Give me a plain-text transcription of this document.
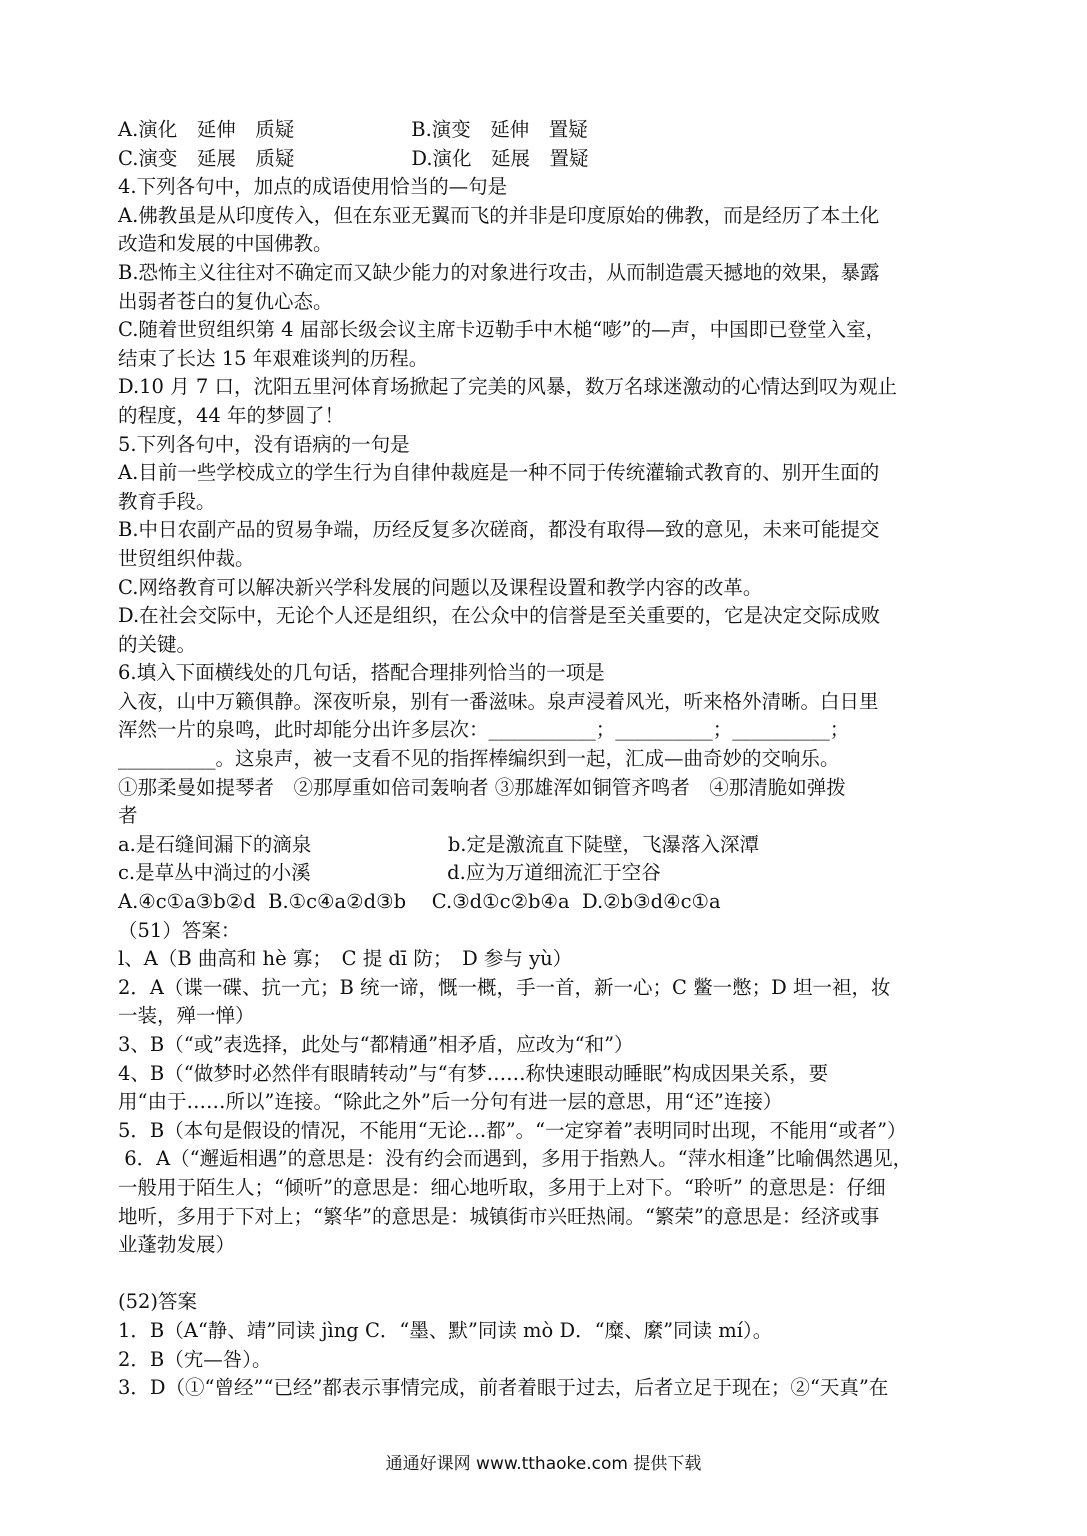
A.演化　延伸　质疑　　　　　　B.演变　延伸　置疑
C.演变　延展　质疑　　　　　　D.演化　延展　置疑
4.下列各句中，加点的成语使用恰当的—句是
A.佛教虽是从印度传入，但在东亚无翼而飞的并非是印度原始的佛教，而是经历了本土化
改造和发展的中国佛教。
B.恐怖主义往往对不确定而又缺少能力的对象进行攻击，从而制造震天撼地的效果，暴露
出弱者苍白的复仇心态。
C.随着世贸组织第 4 届部长级会议主席卡迈勒手中木槌“嘭”的—声，中国即已登堂入室，
结束了长达 15 年艰难谈判的历程。
D.10 月 7 口，沈阳五里河体育场掀起了完美的风暴，数万名球迷激动的心情达到叹为观止
的程度，44 年的梦圆了！
5.下列各句中，没有语病的一句是
A.目前一些学校成立的学生行为自律仲裁庭是一种不同于传统灌输式教育的、别开生面的
教育手段。
B.中日农副产品的贸易争端，历经反复多次磋商，都没有取得—致的意见，未来可能提交
世贸组织仲裁。
C.网络教育可以解决新兴学科发展的问题以及课程设置和教学内容的改革。
D.在社会交际中，无论个人还是组织，在公众中的信誉是至关重要的，它是决定交际成败
的关键。
6.填入下面横线处的几句话，搭配合理排列恰当的一项是
入夜，山中万籁俱静。深夜听泉，别有一番滋味。泉声浸着风光，听来格外清晰。白日里
浑然一片的泉鸣，此时却能分出许多层次：___________；__________；__________；
__________。这泉声，被一支看不见的指挥棒编织到一起，汇成—曲奇妙的交响乐。
①那柔曼如提琴者　②那厚重如倍司轰响者 ③那雄浑如铜管齐鸣者　④那清脆如弹拨
者
a.是石缝间漏下的滴泉　　　　　　　b.定是激流直下陡壁，飞瀑落入深潭
c.是草丛中淌过的小溪　　　　　　　d.应为万道细流汇于空谷
A.④c①a③b②d  B.①c④a②d③b　 C.③d①c②b④a  D.②b③d④c①a
（51）答案：
l、A（B 曲高和 hè 寡；　C 提 dī 防；　D 参与 yù）
2．A（谍一碟、抗一亢；B 统一谛，慨一概，手一首，新一心；C 鳖一憋；D 坦一袒，妆
一装，殚一惮）
3、B（“或”表选择，此处与“都精通”相矛盾，应改为“和”）
4、B（“做梦时必然伴有眼睛转动”与“有梦……称快速眼动睡眠”构成因果关系，要
用“由于……所以”连接。“除此之外”后一分句有进一层的意思，用“还”连接）
5．B（本句是假设的情况，不能用“无论…都”。“一定穿着”表明同时出现，不能用“或者”）
6．A（“邂逅相遇”的意思是：没有约会而遇到，多用于指熟人。“萍水相逢”比喻偶然遇见，
一般用于陌生人；“倾听”的意思是：细心地听取，多用于上对下。“聆听” 的意思是：仔细
地听，多用于下对上；“繁华”的意思是：城镇街市兴旺热闹。“繁荣”的意思是：经济或事
业蓬勃发展）
(52)答案
1．B（A“静、靖”同读 jìng C．“墨、默”同读 mò D．“糜、縻”同读 mí）。
2．B（宄—咎）。
3．D（①“曾经”“已经”都表示事情完成，前者着眼于过去，后者立足于现在；②“天真”在
通通好课网 www.tthaoke.com 提供下载
